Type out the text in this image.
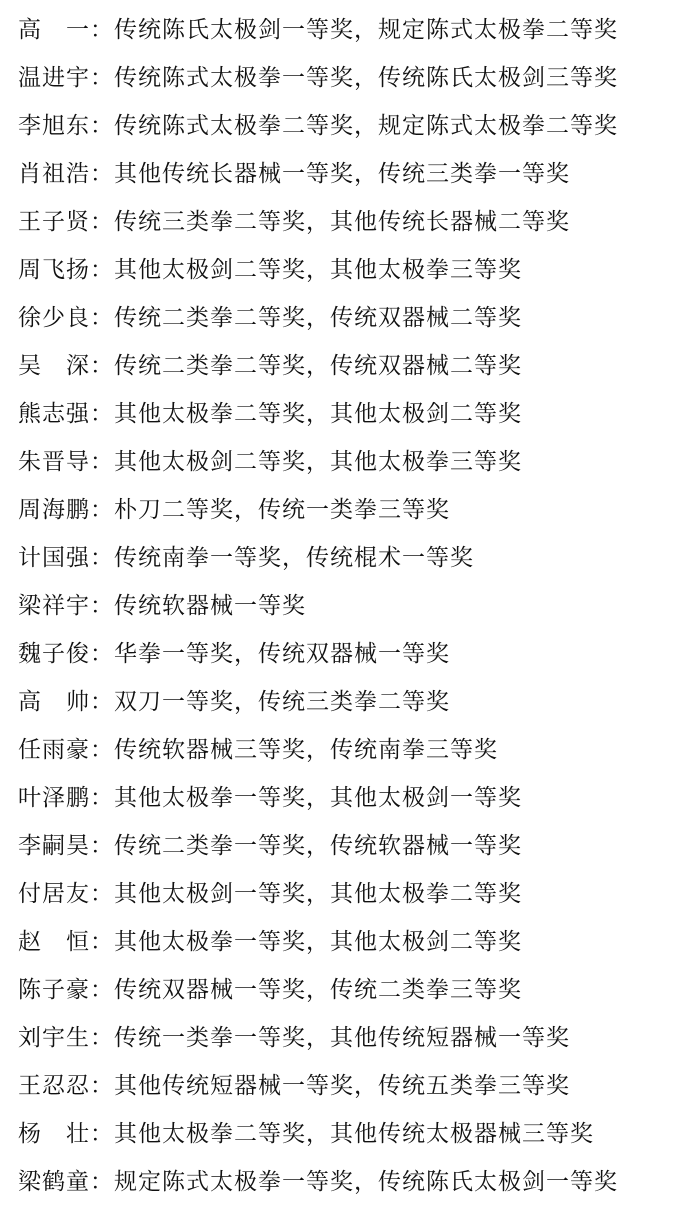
高　一：传统陈氏太极剑一等奖，规定陈式太极拳二等奖
温进宇：传统陈式太极拳一等奖，传统陈氏太极剑三等奖
李旭东：传统陈式太极拳二等奖，规定陈式太极拳二等奖
肖祖浩：其他传统长器械一等奖，传统三类拳一等奖
王子贤：传统三类拳二等奖，其他传统长器械二等奖
周飞扬：其他太极剑二等奖，其他太极拳三等奖
徐少良：传统二类拳二等奖，传统双器械二等奖
吴　深：传统二类拳二等奖，传统双器械二等奖
熊志强：其他太极拳二等奖，其他太极剑二等奖
朱晋导：其他太极剑二等奖，其他太极拳三等奖
周海鹏：朴刀二等奖，传统一类拳三等奖
计国强：传统南拳一等奖，传统棍术一等奖
梁祥宇：传统软器械一等奖
魏子俊：华拳一等奖，传统双器械一等奖
高　帅：双刀一等奖，传统三类拳二等奖
任雨豪：传统软器械三等奖，传统南拳三等奖
叶泽鹏：其他太极拳一等奖，其他太极剑一等奖
李嗣昊：传统二类拳一等奖，传统软器械一等奖
付居友：其他太极剑一等奖，其他太极拳二等奖
赵　恒：其他太极拳一等奖，其他太极剑二等奖
陈子豪：传统双器械一等奖，传统二类拳三等奖
刘宇生：传统一类拳一等奖，其他传统短器械一等奖
王忍忍：其他传统短器械一等奖，传统五类拳三等奖
杨　壮：其他太极拳二等奖，其他传统太极器械三等奖
梁鹤童：规定陈式太极拳一等奖，传统陈氏太极剑一等奖
